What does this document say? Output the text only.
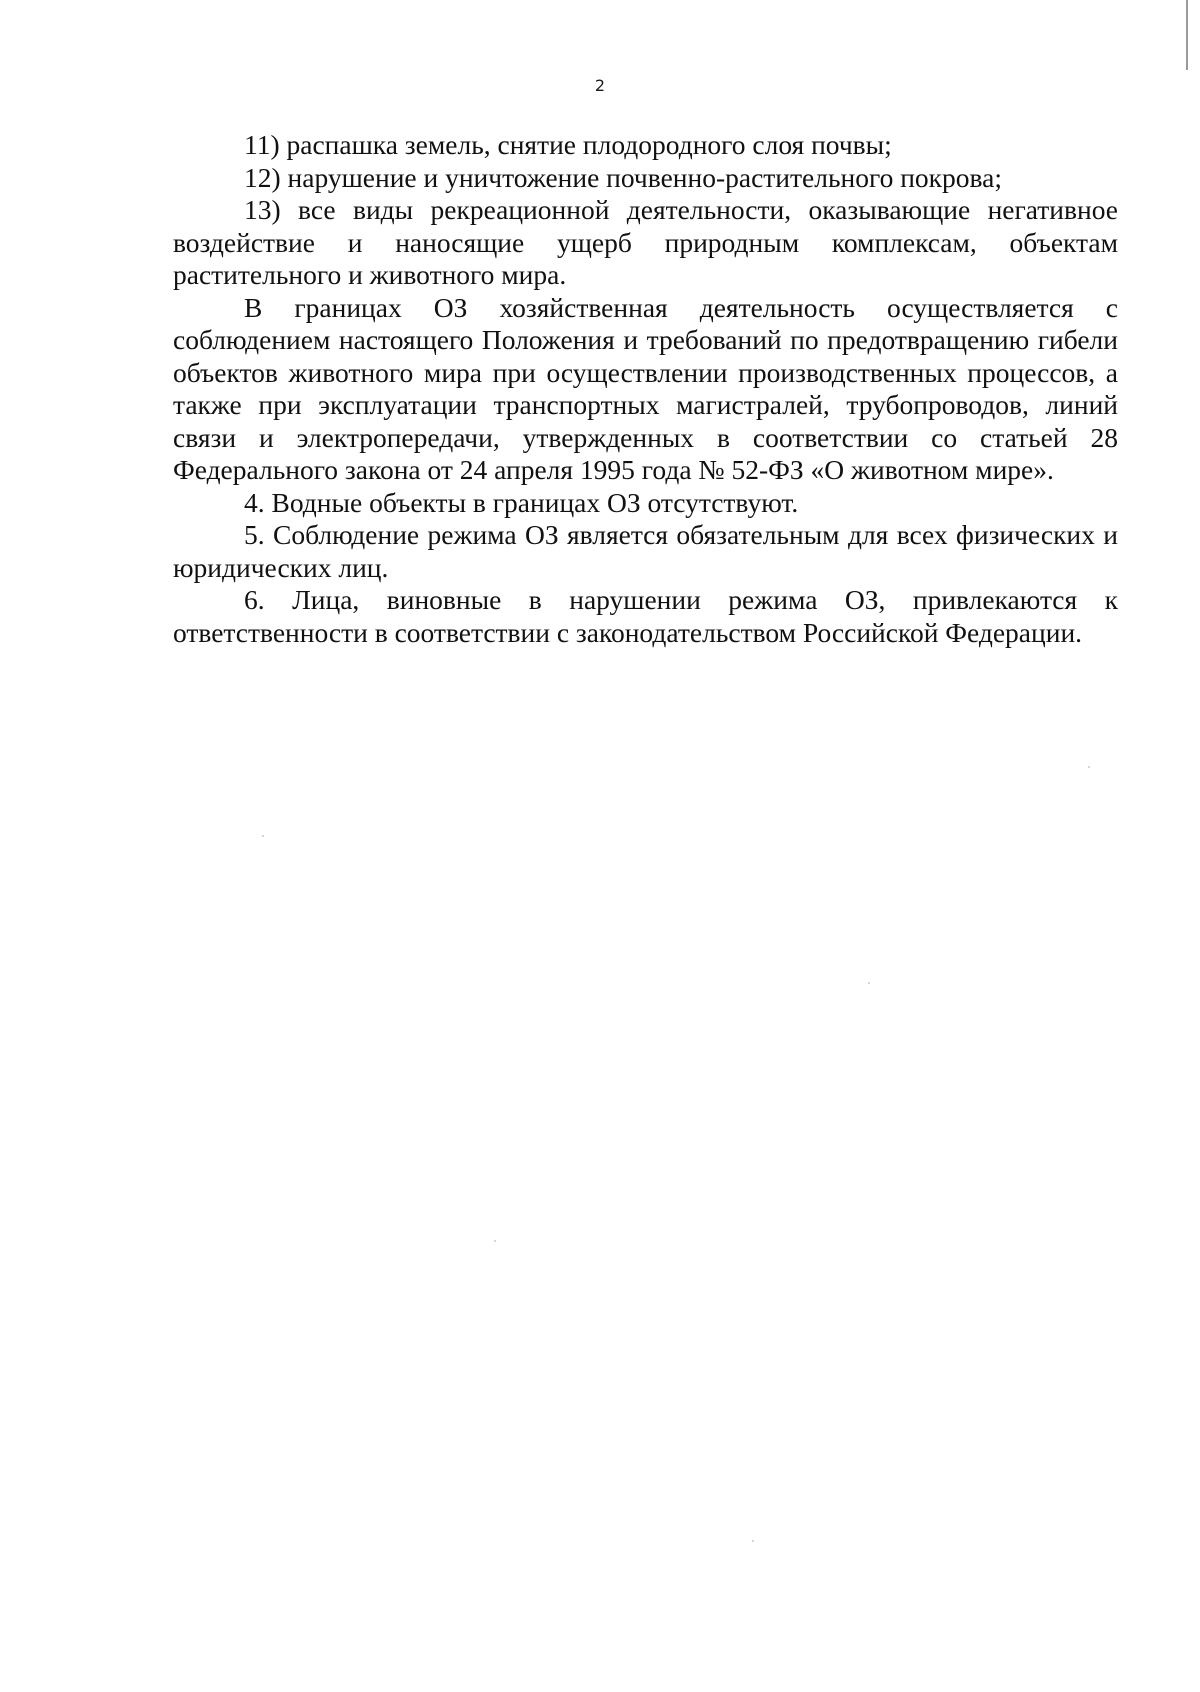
2

11) распашка земель, снятие плодородного слоя почвы;

12) нарушение и уничтожение почвенно-растительного покрова;

13) все виды рекреационной деятельности, оказывающие негативное воздействие и наносящие ущерб природным комплексам, объектам растительного и животного мира.

В границах ОЗ хозяйственная деятельность осуществляется с соблюдением настоящего Положения и требований по предотвращению гибели объектов животного мира при осуществлении производственных процессов, а также при эксплуатации транспортных магистралей, трубопроводов, линий связи и электропередачи, утвержденных в соответствии со статьей 28 Федерального закона от 24 апреля 1995 года № 52-ФЗ «О животном мире».

4. Водные объекты в границах ОЗ отсутствуют.

5. Соблюдение режима ОЗ является обязательным для всех физических и юридических лиц.

6. Лица, виновные в нарушении режима ОЗ, привлекаются к ответственности в соответствии с законодательством Российской Федерации.
